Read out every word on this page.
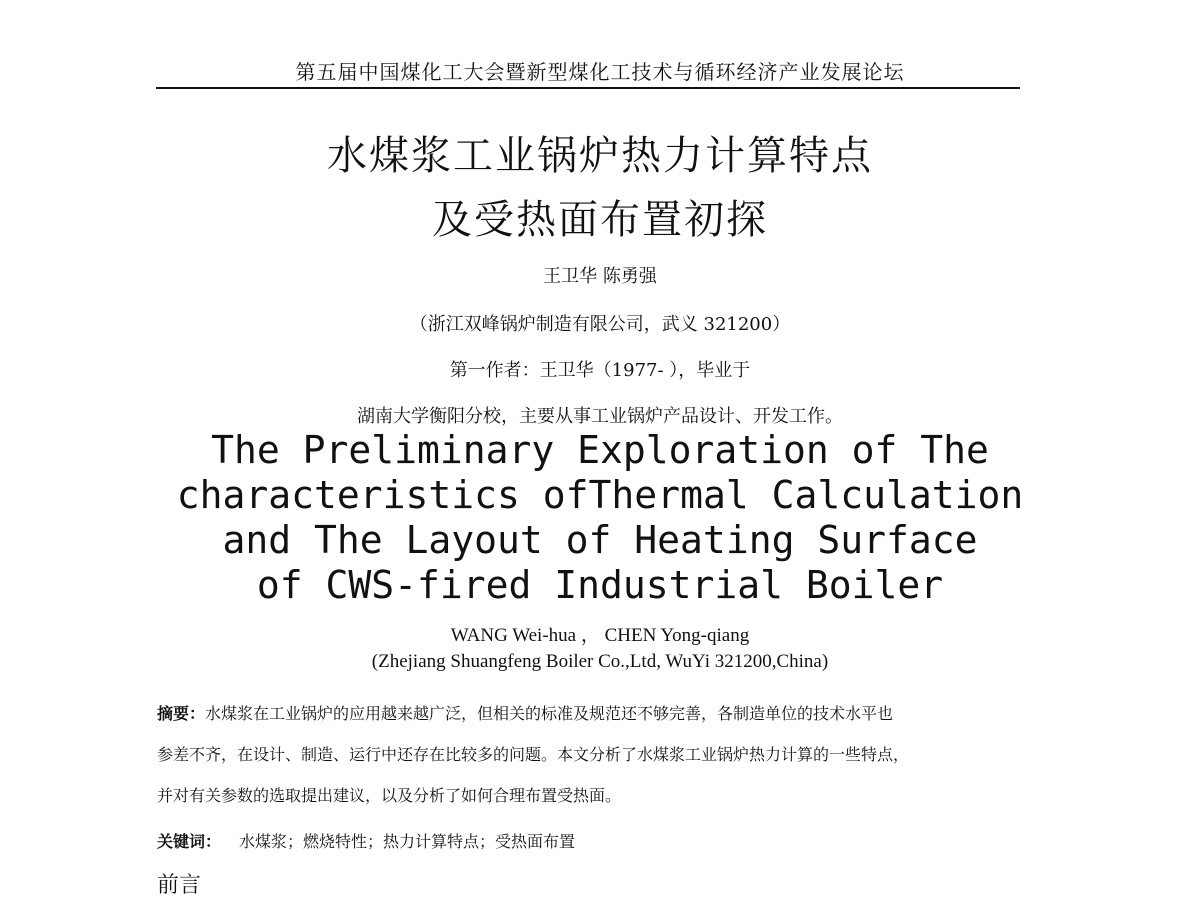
第五届中国煤化工大会暨新型煤化工技术与循环经济产业发展论坛
水煤浆工业锅炉热力计算特点
及受热面布置初探
王卫华 陈勇强
（浙江双峰锅炉制造有限公司，武义 321200）
第一作者：王卫华（1977- ），毕业于
湖南大学衡阳分校，主要从事工业锅炉产品设计、开发工作。
The Preliminary Exploration of The
characteristics ofThermal Calculation
and The Layout of Heating Surface
of CWS-fired Industrial Boiler
WANG Wei-hua ， CHEN Yong-qiang
(Zhejiang Shuangfeng Boiler Co.,Ltd, WuYi 321200,China)
摘要：水煤浆在工业锅炉的应用越来越广泛，但相关的标准及规范还不够完善，各制造单位的技术水平也
参差不齐，在设计、制造、运行中还存在比较多的问题。本文分析了水煤浆工业锅炉热力计算的一些特点，
并对有关参数的选取提出建议，以及分析了如何合理布置受热面。
关键词： 水煤浆；燃烧特性；热力计算特点；受热面布置
前言
